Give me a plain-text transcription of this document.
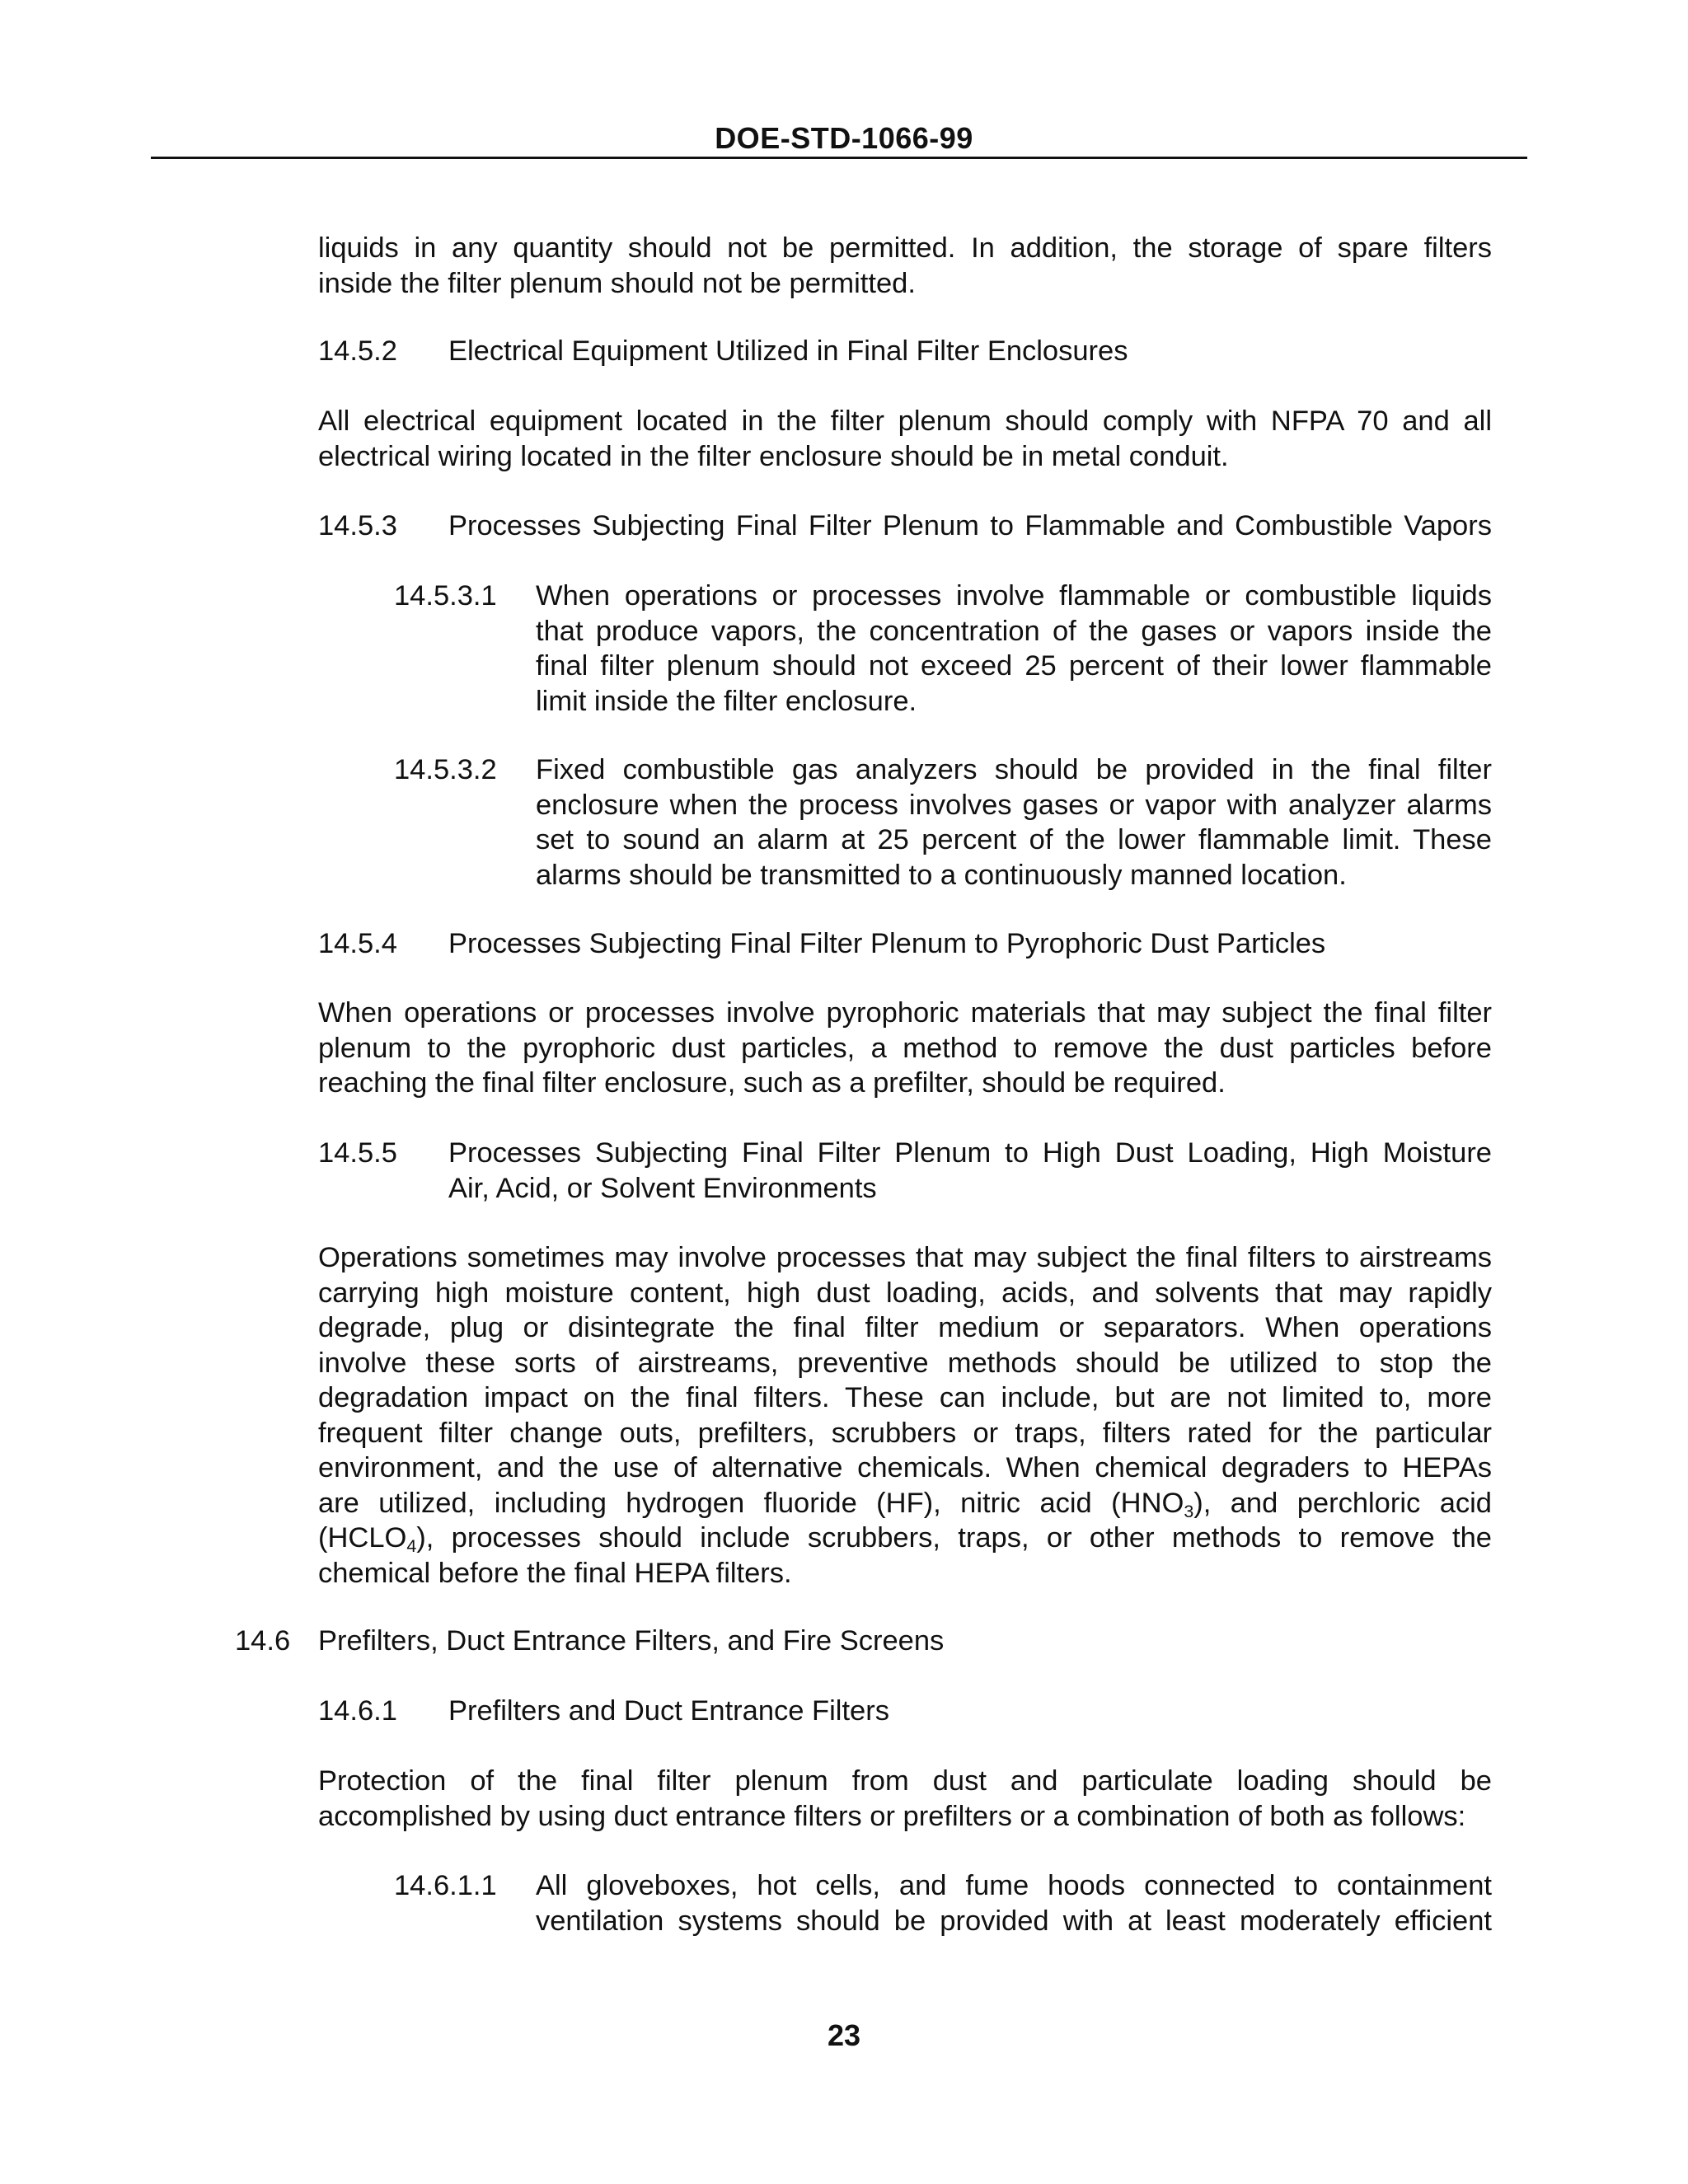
DOE-STD-1066-99
liquids in any quantity should not be permitted. In addition, the storage of spare filters
inside the filter plenum should not be permitted.
14.5.2 Electrical Equipment Utilized in Final Filter Enclosures
All electrical equipment located in the filter plenum should comply with NFPA 70 and all
electrical wiring located in the filter enclosure should be in metal conduit.
14.5.3 Processes Subjecting Final Filter Plenum to Flammable and Combustible Vapors
14.5.3.1 When operations or processes involve flammable or combustible liquids
that produce vapors, the concentration of the gases or vapors inside the
final filter plenum should not exceed 25 percent of their lower flammable
limit inside the filter enclosure.
14.5.3.2 Fixed combustible gas analyzers should be provided in the final filter
enclosure when the process involves gases or vapor with analyzer alarms
set to sound an alarm at 25 percent of the lower flammable limit. These
alarms should be transmitted to a continuously manned location.
14.5.4 Processes Subjecting Final Filter Plenum to Pyrophoric Dust Particles
When operations or processes involve pyrophoric materials that may subject the final filter
plenum to the pyrophoric dust particles, a method to remove the dust particles before
reaching the final filter enclosure, such as a prefilter, should be required.
14.5.5 Processes Subjecting Final Filter Plenum to High Dust Loading, High Moisture
Air, Acid, or Solvent Environments
Operations sometimes may involve processes that may subject the final filters to airstreams
carrying high moisture content, high dust loading, acids, and solvents that may rapidly
degrade, plug or disintegrate the final filter medium or separators. When operations
involve these sorts of airstreams, preventive methods should be utilized to stop the
degradation impact on the final filters. These can include, but are not limited to, more
frequent filter change outs, prefilters, scrubbers or traps, filters rated for the particular
environment, and the use of alternative chemicals. When chemical degraders to HEPAs
are utilized, including hydrogen fluoride (HF), nitric acid $(HNO_3)$, and perchloric acid
$(HCLO_4)$, processes should include scrubbers, traps, or other methods to remove the
chemical before the final HEPA filters.
14.6 Prefilters, Duct Entrance Filters, and Fire Screens
14.6.1 Prefilters and Duct Entrance Filters
Protection of the final filter plenum from dust and particulate loading should be
accomplished by using duct entrance filters or prefilters or a combination of both as follows:
14.6.1.1 All gloveboxes, hot cells, and fume hoods connected to containment
ventilation systems should be provided with at least moderately efficient
23
